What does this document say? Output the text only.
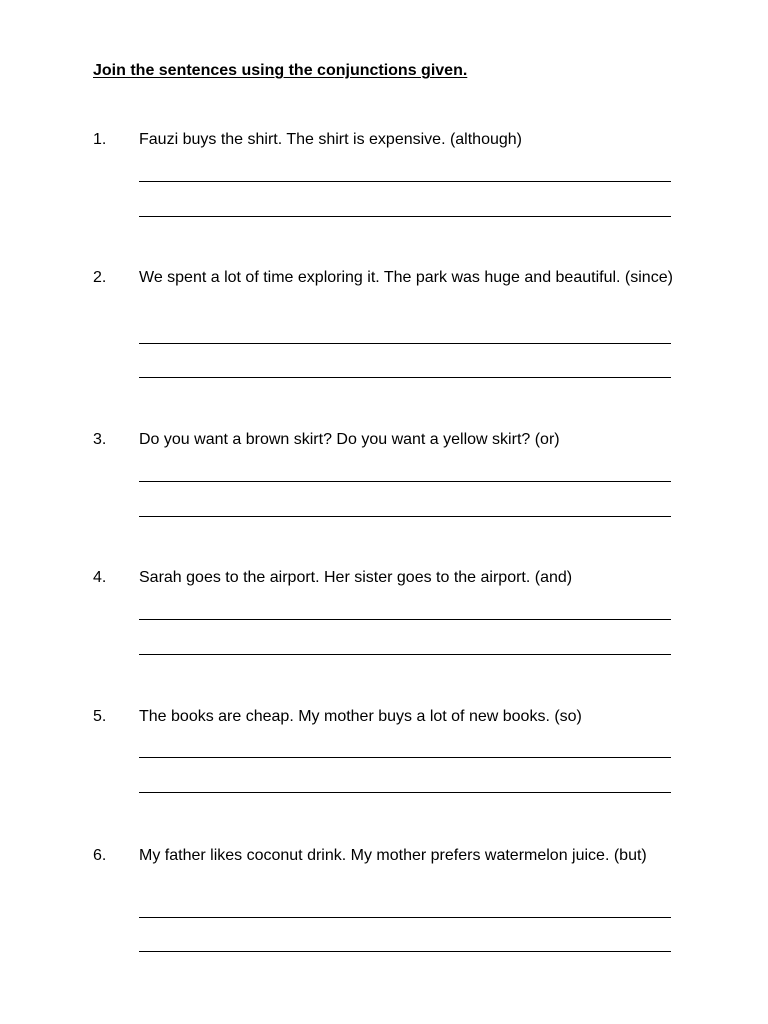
Join the sentences using the conjunctions given.
1. Fauzi buys the shirt. The shirt is expensive. (although)
2. We spent a lot of time exploring it. The park was huge and beautiful. (since)
3. Do you want a brown skirt? Do you want a yellow skirt? (or)
4. Sarah goes to the airport. Her sister goes to the airport. (and)
5. The books are cheap. My mother buys a lot of new books. (so)
6. My father likes coconut drink. My mother prefers watermelon juice. (but)
